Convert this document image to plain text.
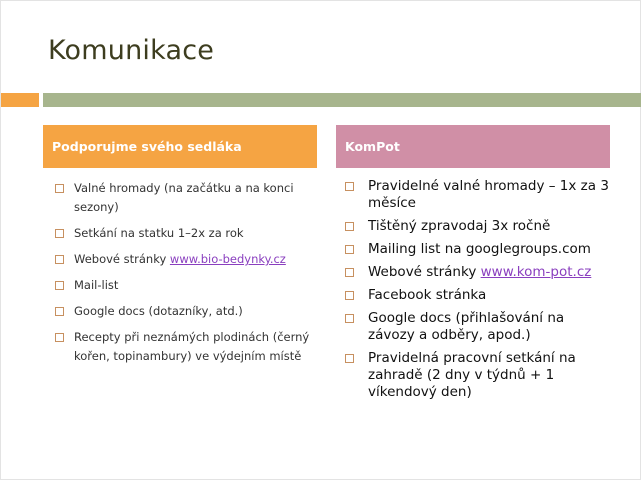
Komunikace
Podporujme svého sedláka	KomPot
Valné hromady (na začátku a na konci sezony)
Setkání na statku 1–2x za rok
Webové stránky www.bio-bedynky.cz
Mail-list
Google docs (dotazníky, atd.)
Recepty při neznámých plodinách (černý kořen, topinambury) ve výdejním místě
Pravidelné valné hromady – 1x za 3 měsíce
Tištěný zpravodaj 3x ročně
Mailing list na googlegroups.com
Webové stránky www.kom-pot.cz
Facebook stránka
Google docs (přihlašování na závozy a odběry, apod.)
Pravidelná pracovní setkání na zahradě (2 dny v týdnů + 1 víkendový den)
